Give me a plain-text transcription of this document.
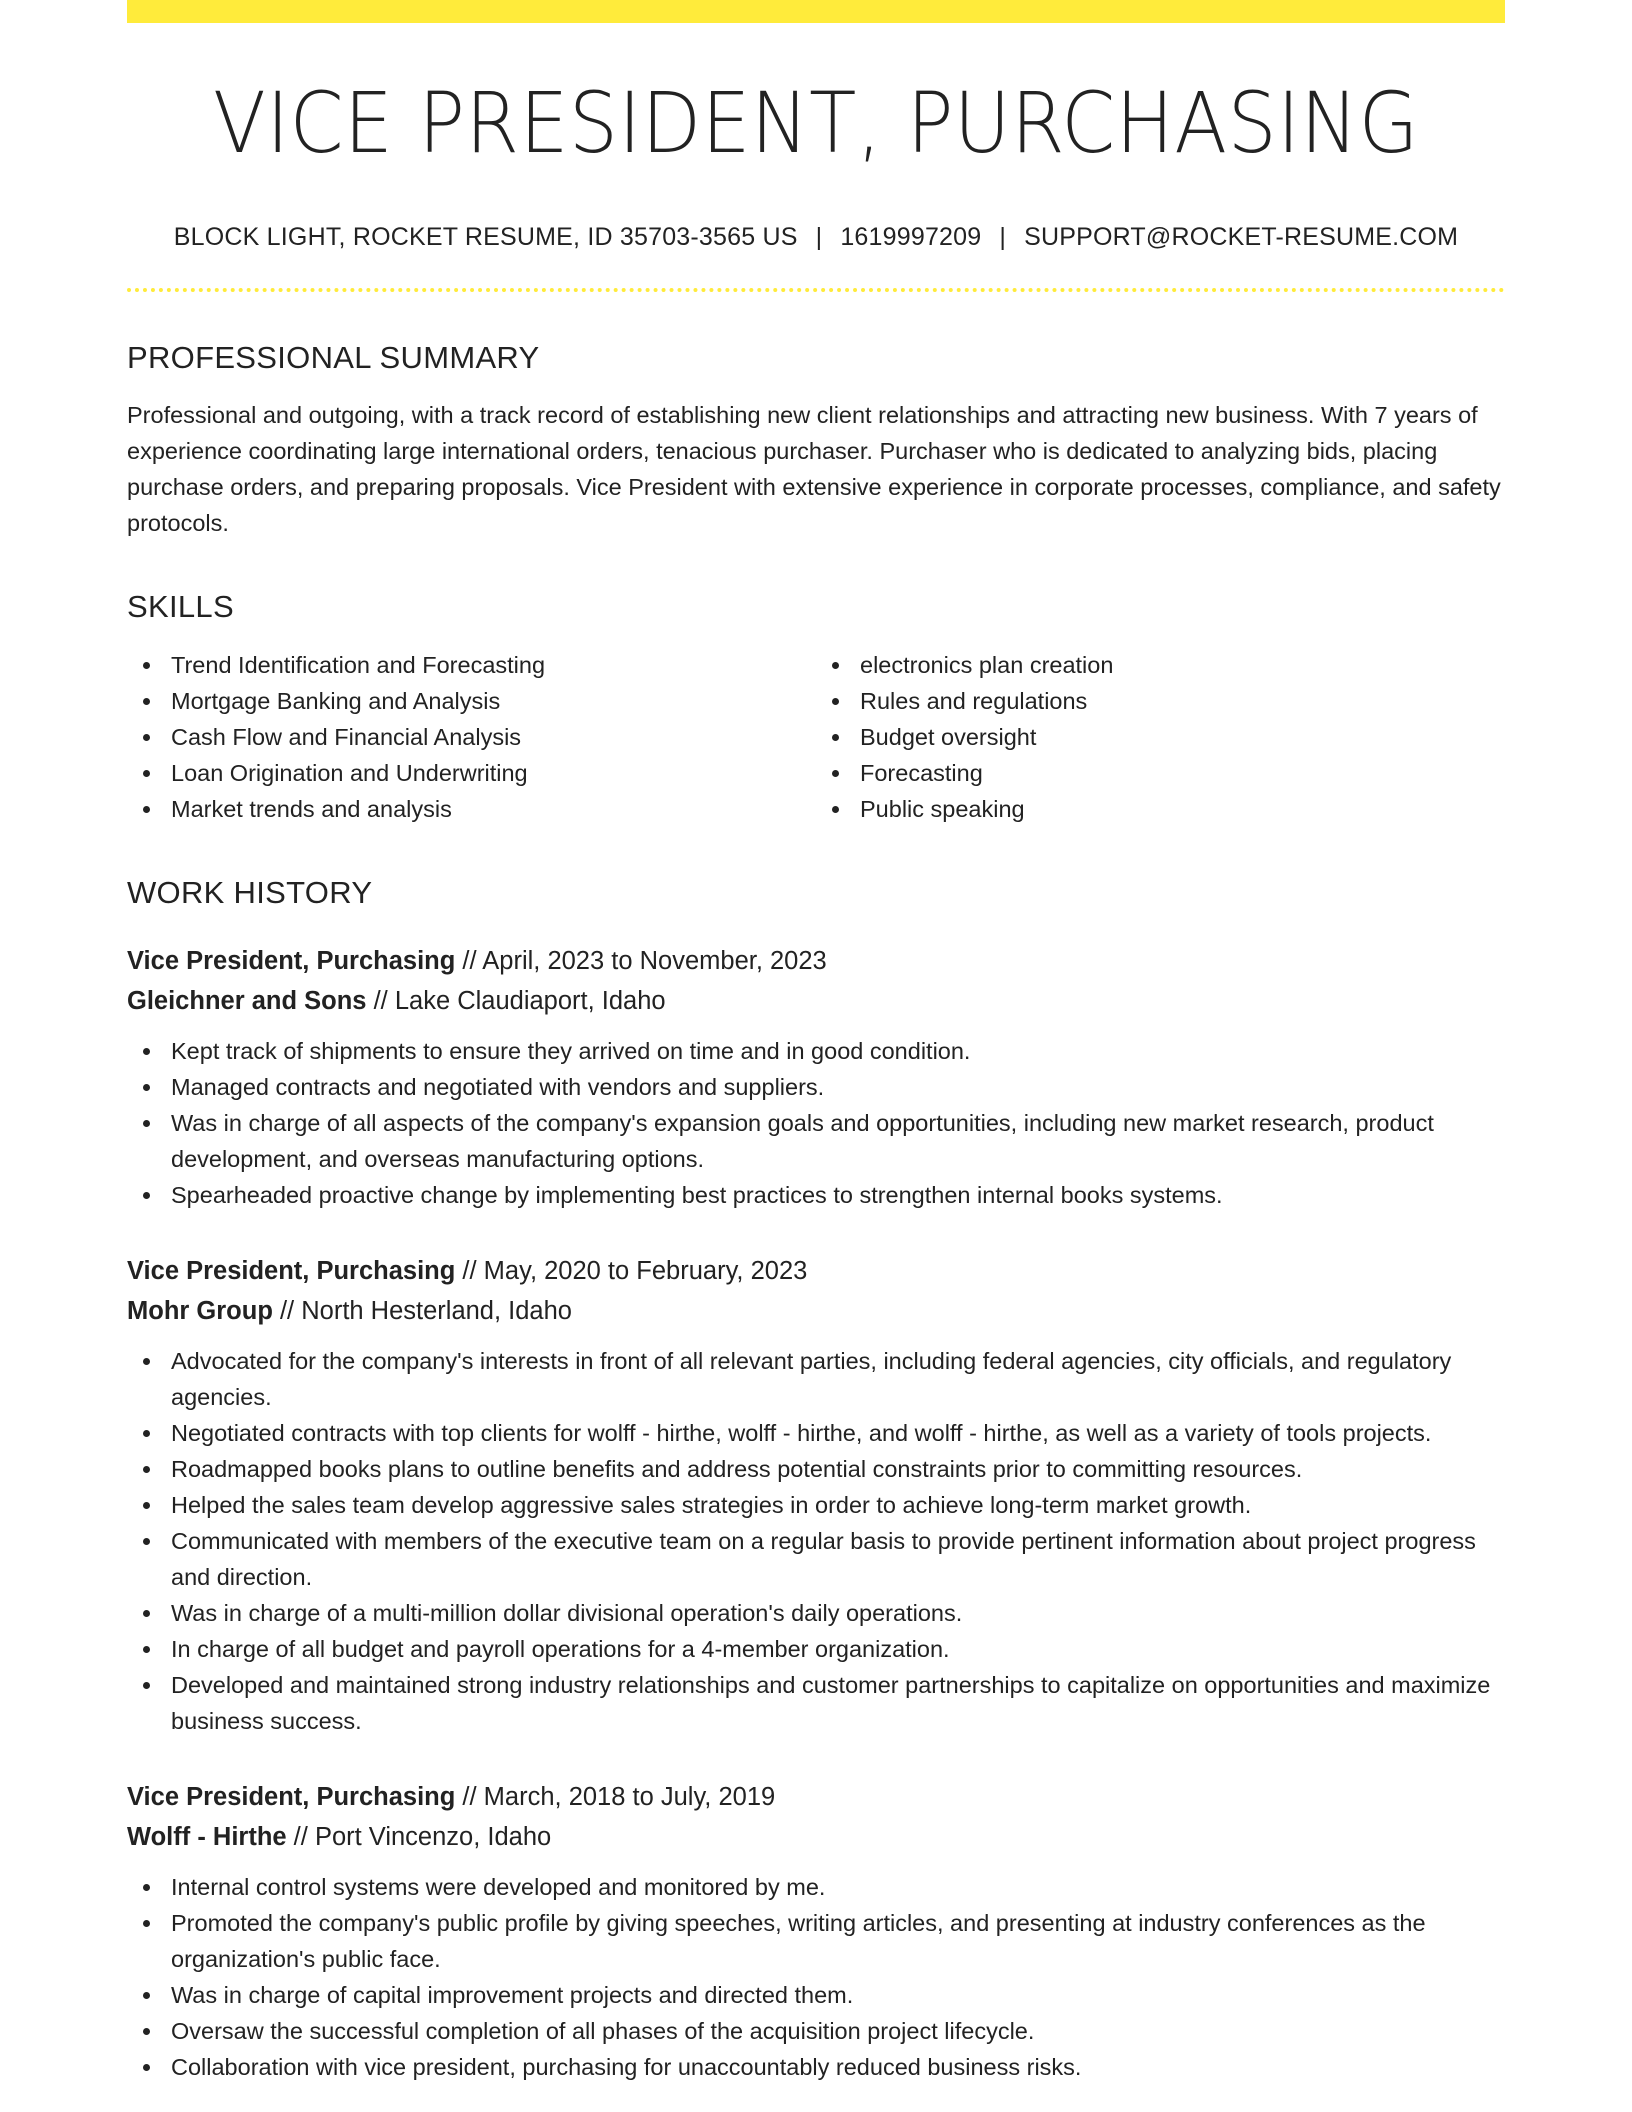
VICE PRESIDENT, PURCHASING
BLOCK LIGHT, ROCKET RESUME, ID 35703-3565 US | 1619997209 | SUPPORT@ROCKET-RESUME.COM
PROFESSIONAL SUMMARY

Professional and outgoing, with a track record of establishing new client relationships and attracting new business. With 7 years of experience coordinating large international orders, tenacious purchaser. Purchaser who is dedicated to analyzing bids, placing purchase orders, and preparing proposals. Vice President with extensive experience in corporate processes, compliance, and safety protocols.

SKILLS
Trend Identification and Forecasting
Mortgage Banking and Analysis
Cash Flow and Financial Analysis
Loan Origination and Underwriting
Market trends and analysis
electronics plan creation
Rules and regulations
Budget oversight
Forecasting
Public speaking
WORK HISTORY
Vice President, Purchasing // April, 2023 to November, 2023
Gleichner and Sons // Lake Claudiaport, Idaho
Kept track of shipments to ensure they arrived on time and in good condition.
Managed contracts and negotiated with vendors and suppliers.
Was in charge of all aspects of the company's expansion goals and opportunities, including new market research, product development, and overseas manufacturing options.
Spearheaded proactive change by implementing best practices to strengthen internal books systems.
Vice President, Purchasing // May, 2020 to February, 2023
Mohr Group // North Hesterland, Idaho
Advocated for the company's interests in front of all relevant parties, including federal agencies, city officials, and regulatory agencies.
Negotiated contracts with top clients for wolff - hirthe, wolff - hirthe, and wolff - hirthe, as well as a variety of tools projects.
Roadmapped books plans to outline benefits and address potential constraints prior to committing resources.
Helped the sales team develop aggressive sales strategies in order to achieve long-term market growth.
Communicated with members of the executive team on a regular basis to provide pertinent information about project progress and direction.
Was in charge of a multi-million dollar divisional operation's daily operations.
In charge of all budget and payroll operations for a 4-member organization.
Developed and maintained strong industry relationships and customer partnerships to capitalize on opportunities and maximize business success.
Vice President, Purchasing // March, 2018 to July, 2019
Wolff - Hirthe // Port Vincenzo, Idaho
Internal control systems were developed and monitored by me.
Promoted the company's public profile by giving speeches, writing articles, and presenting at industry conferences as the organization's public face.
Was in charge of capital improvement projects and directed them.
Oversaw the successful completion of all phases of the acquisition project lifecycle.
Collaboration with vice president, purchasing for unaccountably reduced business risks.
